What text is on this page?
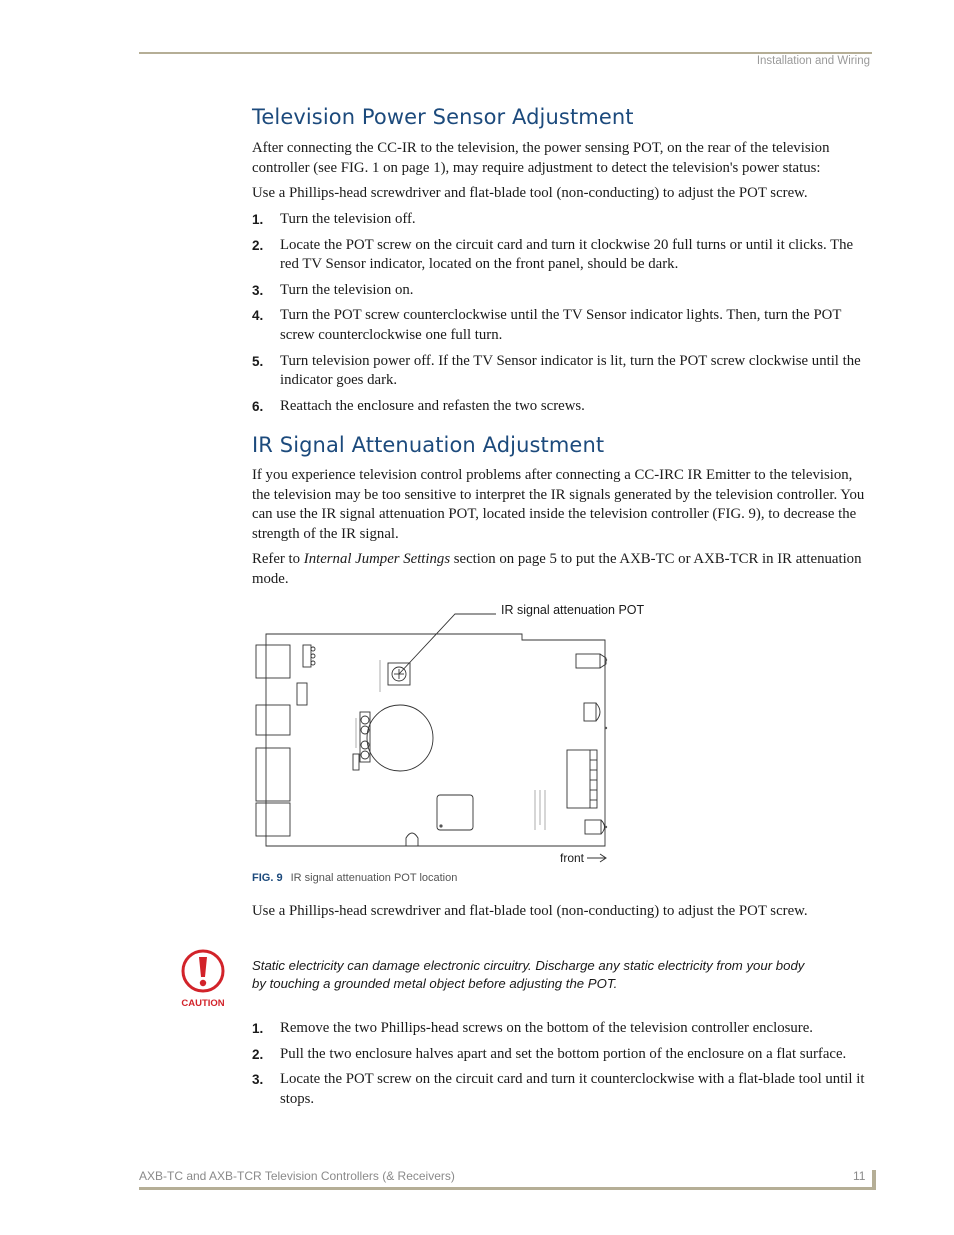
Installation and Wiring
Television Power Sensor Adjustment

After connecting the CC-IR to the television, the power sensing POT, on the rear of the television controller (see FIG. 1 on page 1), may require adjustment to detect the television's power status:

Use a Phillips-head screwdriver and flat-blade tool (non-conducting) to adjust the POT screw.

1. Turn the television off.
2. Locate the POT screw on the circuit card and turn it clockwise 20 full turns or until it clicks. The red TV Sensor indicator, located on the front panel, should be dark.
3. Turn the television on.
4. Turn the POT screw counterclockwise until the TV Sensor indicator lights. Then, turn the POT screw counterclockwise one full turn.
5. Turn television power off. If the TV Sensor indicator is lit, turn the POT screw clockwise until the indicator goes dark.
6. Reattach the enclosure and refasten the two screws.
IR Signal Attenuation Adjustment

If you experience television control problems after connecting a CC-IRC IR Emitter to the television, the television may be too sensitive to interpret the IR signals generated by the television controller. You can use the IR signal attenuation POT, located inside the television controller (FIG. 9), to decrease the strength of the IR signal.

Refer to Internal Jumper Settings section on page 5 to put the AXB-TC or AXB-TCR in IR attenuation mode.

IR signal attenuation POT
front
FIG. 9 IR signal attenuation POT location

Use a Phillips-head screwdriver and flat-blade tool (non-conducting) to adjust the POT screw.

CAUTION

Static electricity can damage electronic circuitry. Discharge any static electricity from your body by touching a grounded metal object before adjusting the POT.

1. Remove the two Phillips-head screws on the bottom of the television controller enclosure.
2. Pull the two enclosure halves apart and set the bottom portion of the enclosure on a flat surface.
3. Locate the POT screw on the circuit card and turn it counterclockwise with a flat-blade tool until it stops.
AXB-TC and AXB-TCR Television Controllers (& Receivers)	11
